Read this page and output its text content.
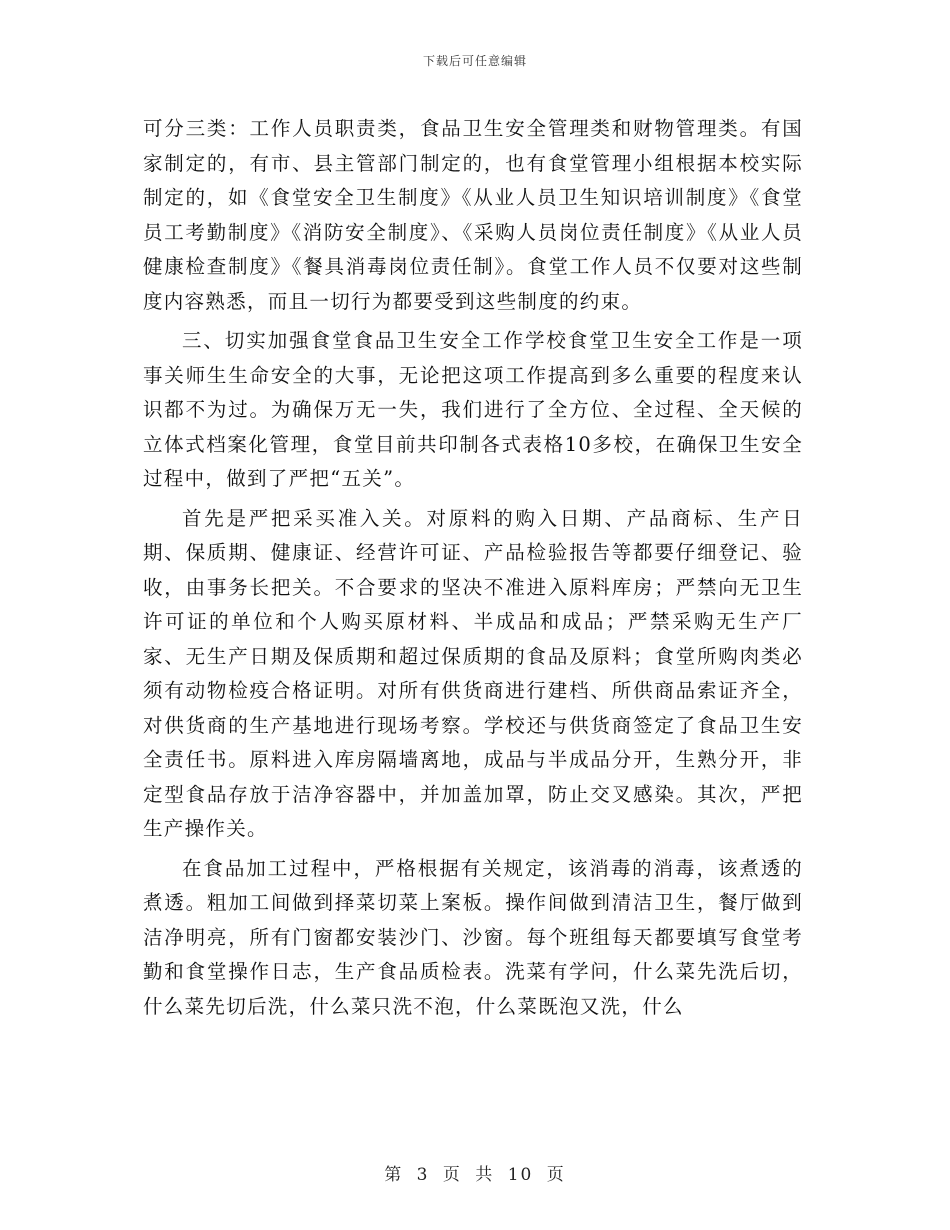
下载后可任意编辑

可分三类：工作人员职责类，食品卫生安全管理类和财物管理类。有国家制定的，有市、县主管部门制定的，也有食堂管理小组根据本校实际制定的，如《食堂安全卫生制度》《从业人员卫生知识培训制度》《食堂员工考勤制度》《消防安全制度》、《采购人员岗位责任制度》《从业人员健康检查制度》《餐具消毒岗位责任制》。食堂工作人员不仅要对这些制度内容熟悉，而且一切行为都要受到这些制度的约束。

三、切实加强食堂食品卫生安全工作学校食堂卫生安全工作是一项事关师生生命安全的大事，无论把这项工作提高到多么重要的程度来认识都不为过。为确保万无一失，我们进行了全方位、全过程、全天候的立体式档案化管理，食堂目前共印制各式表格10多校，在确保卫生安全过程中，做到了严把“五关”。

首先是严把采买准入关。对原料的购入日期、产品商标、生产日期、保质期、健康证、经营许可证、产品检验报告等都要仔细登记、验收，由事务长把关。不合要求的坚决不准进入原料库房；严禁向无卫生许可证的单位和个人购买原材料、半成品和成品；严禁采购无生产厂家、无生产日期及保质期和超过保质期的食品及原料；食堂所购肉类必须有动物检疫合格证明。对所有供货商进行建档、所供商品索证齐全，对供货商的生产基地进行现场考察。学校还与供货商签定了食品卫生安全责任书。原料进入库房隔墙离地，成品与半成品分开，生熟分开，非定型食品存放于洁净容器中，并加盖加罩，防止交叉感染。其次，严把生产操作关。

在食品加工过程中，严格根据有关规定，该消毒的消毒，该煮透的煮透。粗加工间做到择菜切菜上案板。操作间做到清洁卫生，餐厅做到洁净明亮，所有门窗都安装沙门、沙窗。每个班组每天都要填写食堂考勤和食堂操作日志，生产食品质检表。洗菜有学问，什么菜先洗后切，什么菜先切后洗，什么菜只洗不泡，什么菜既泡又洗，什么

第 3 页 共 10 页
